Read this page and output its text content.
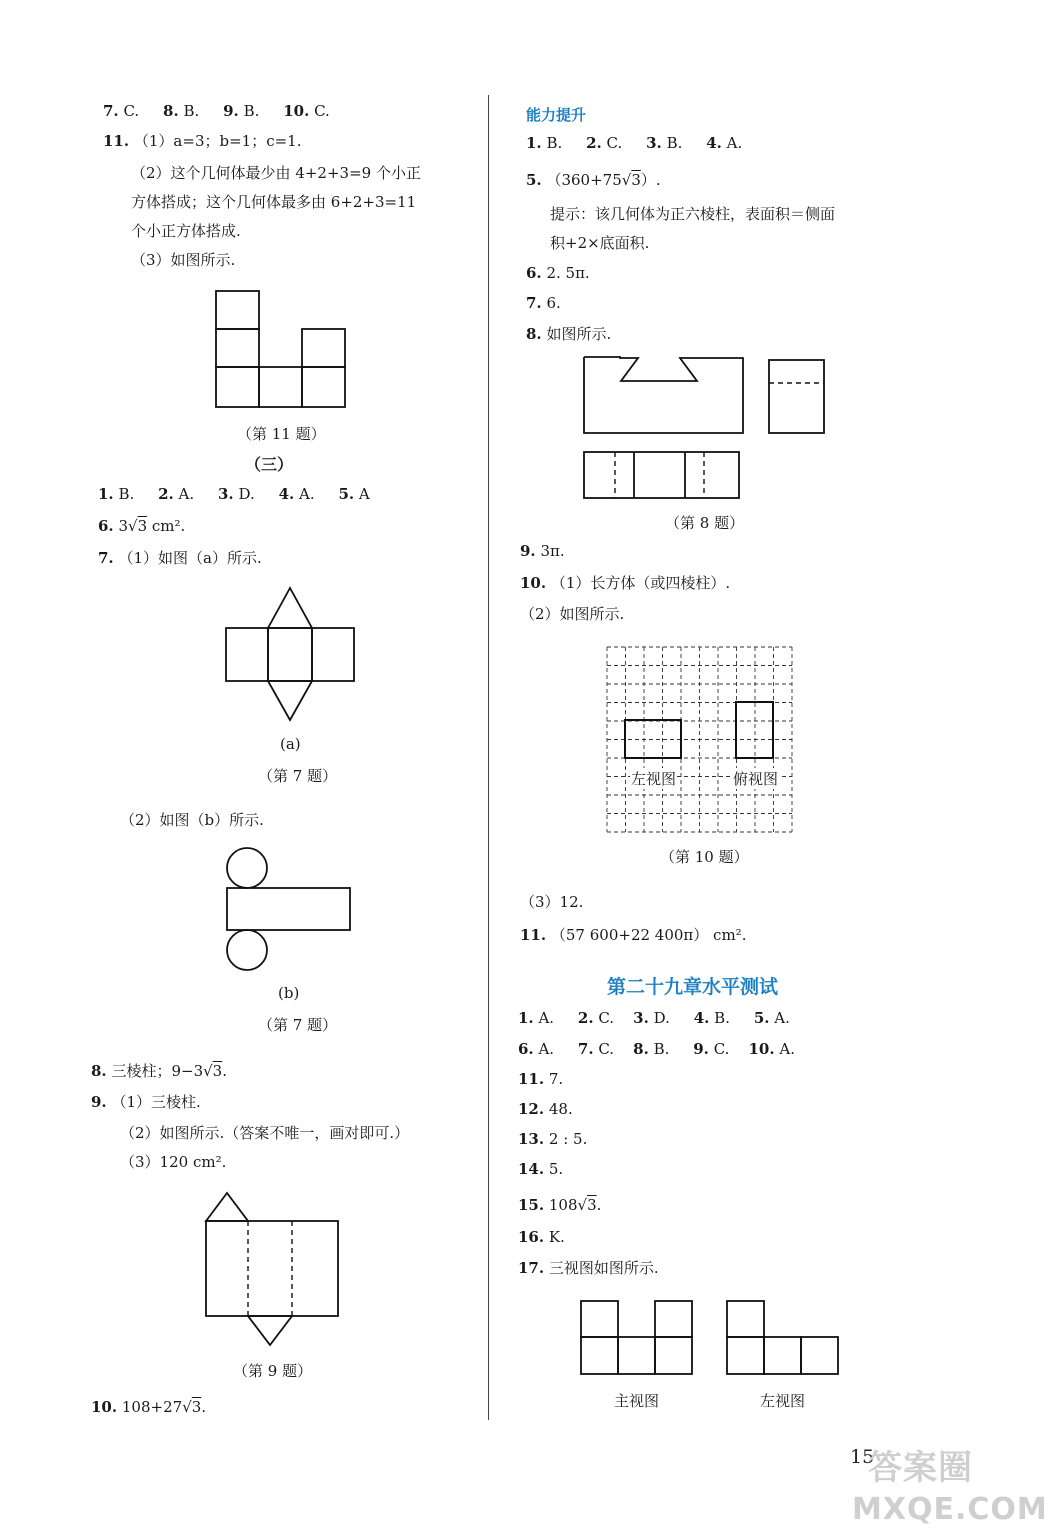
7. C. 8. B. 9. B. 10. C.
11. （1）a=3；b=1；c=1.
（2）这个几何体最少由 4+2+3=9 个小正
方体搭成；这个几何体最多由 6+2+3=11
个小正方体搭成.
（3）如图所示.
（第 11 题）
（三）
1. B. 2. A. 3. D. 4. A. 5. A
6. 3√3 cm².
7. （1）如图（a）所示.
(a)
（第 7 题）
（2）如图（b）所示.
(b)
（第 7 题）
8. 三棱柱；9−3√3.
9. （1）三棱柱.
（2）如图所示.（答案不唯一，画对即可.）
（3）120 cm².
（第 9 题）
10. 108+27√3.
能力提升
1. B. 2. C. 3. B. 4. A.
5. （360+75√3）.
提示：该几何体为正六棱柱，表面积＝侧面
积+2×底面积.
6. 2. 5π.
7. 6.
8. 如图所示.
（第 8 题）
9. 3π.
10. （1）长方体（或四棱柱）.
（2）如图所示.
左视图	俯视图
（第 10 题）
（3）12.
11. （57 600+22 400π） cm².
第二十九章水平测试
1. A. 2. C. 3. D. 4. B. 5. A.
6. A. 7. C. 8. B. 9. C. 10. A.
11. 7.
12. 48.
13. 2 : 5.
14. 5.
15. 108√3.
16. K.
17. 三视图如图所示.
主视图	左视图
15
答案圈
MXQE.COM
